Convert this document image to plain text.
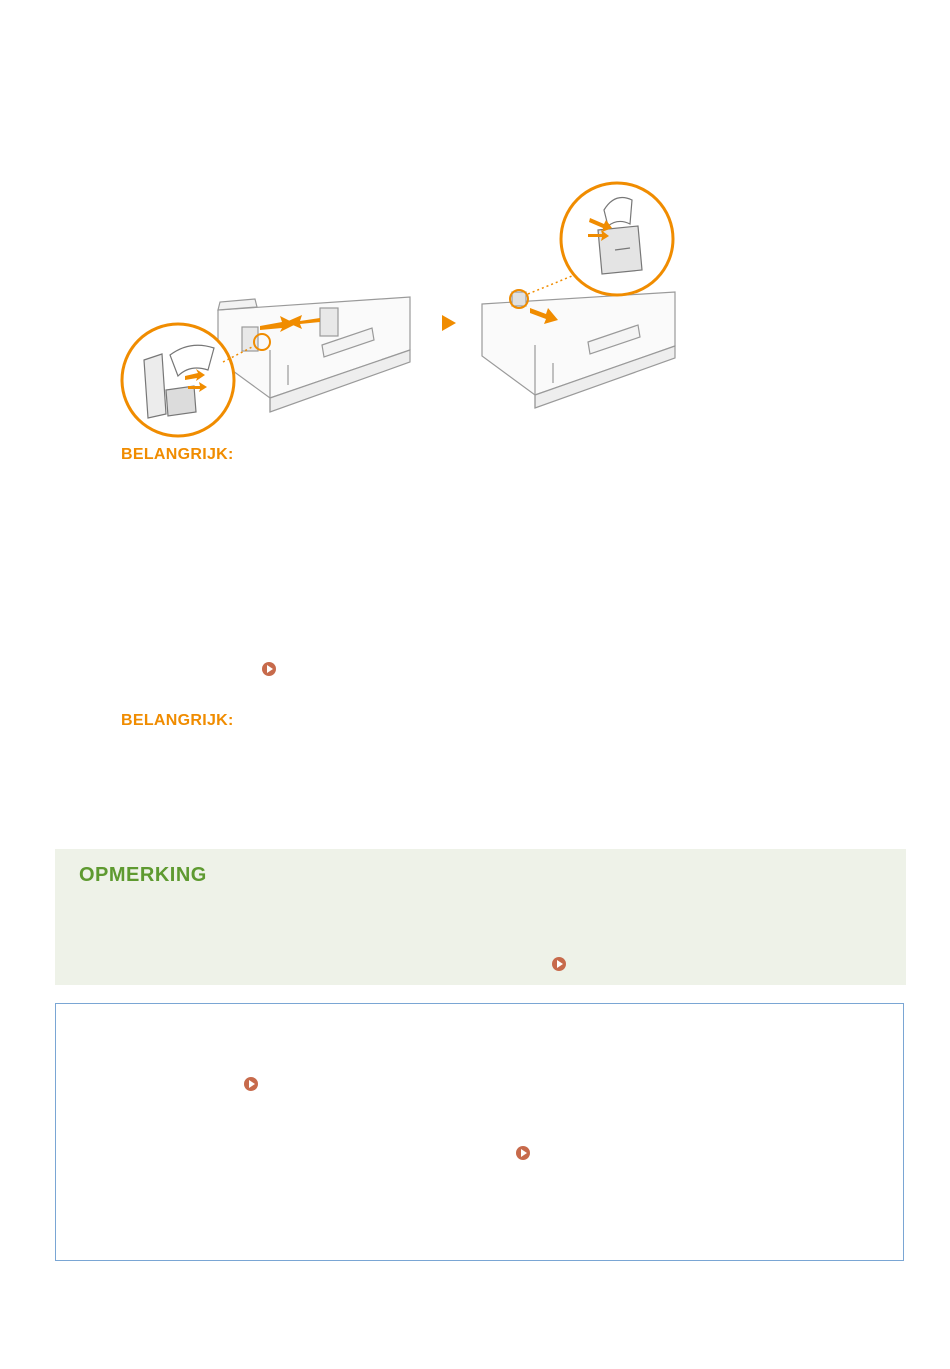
BELANGRIJK:
BELANGRIJK:
OPMERKING
